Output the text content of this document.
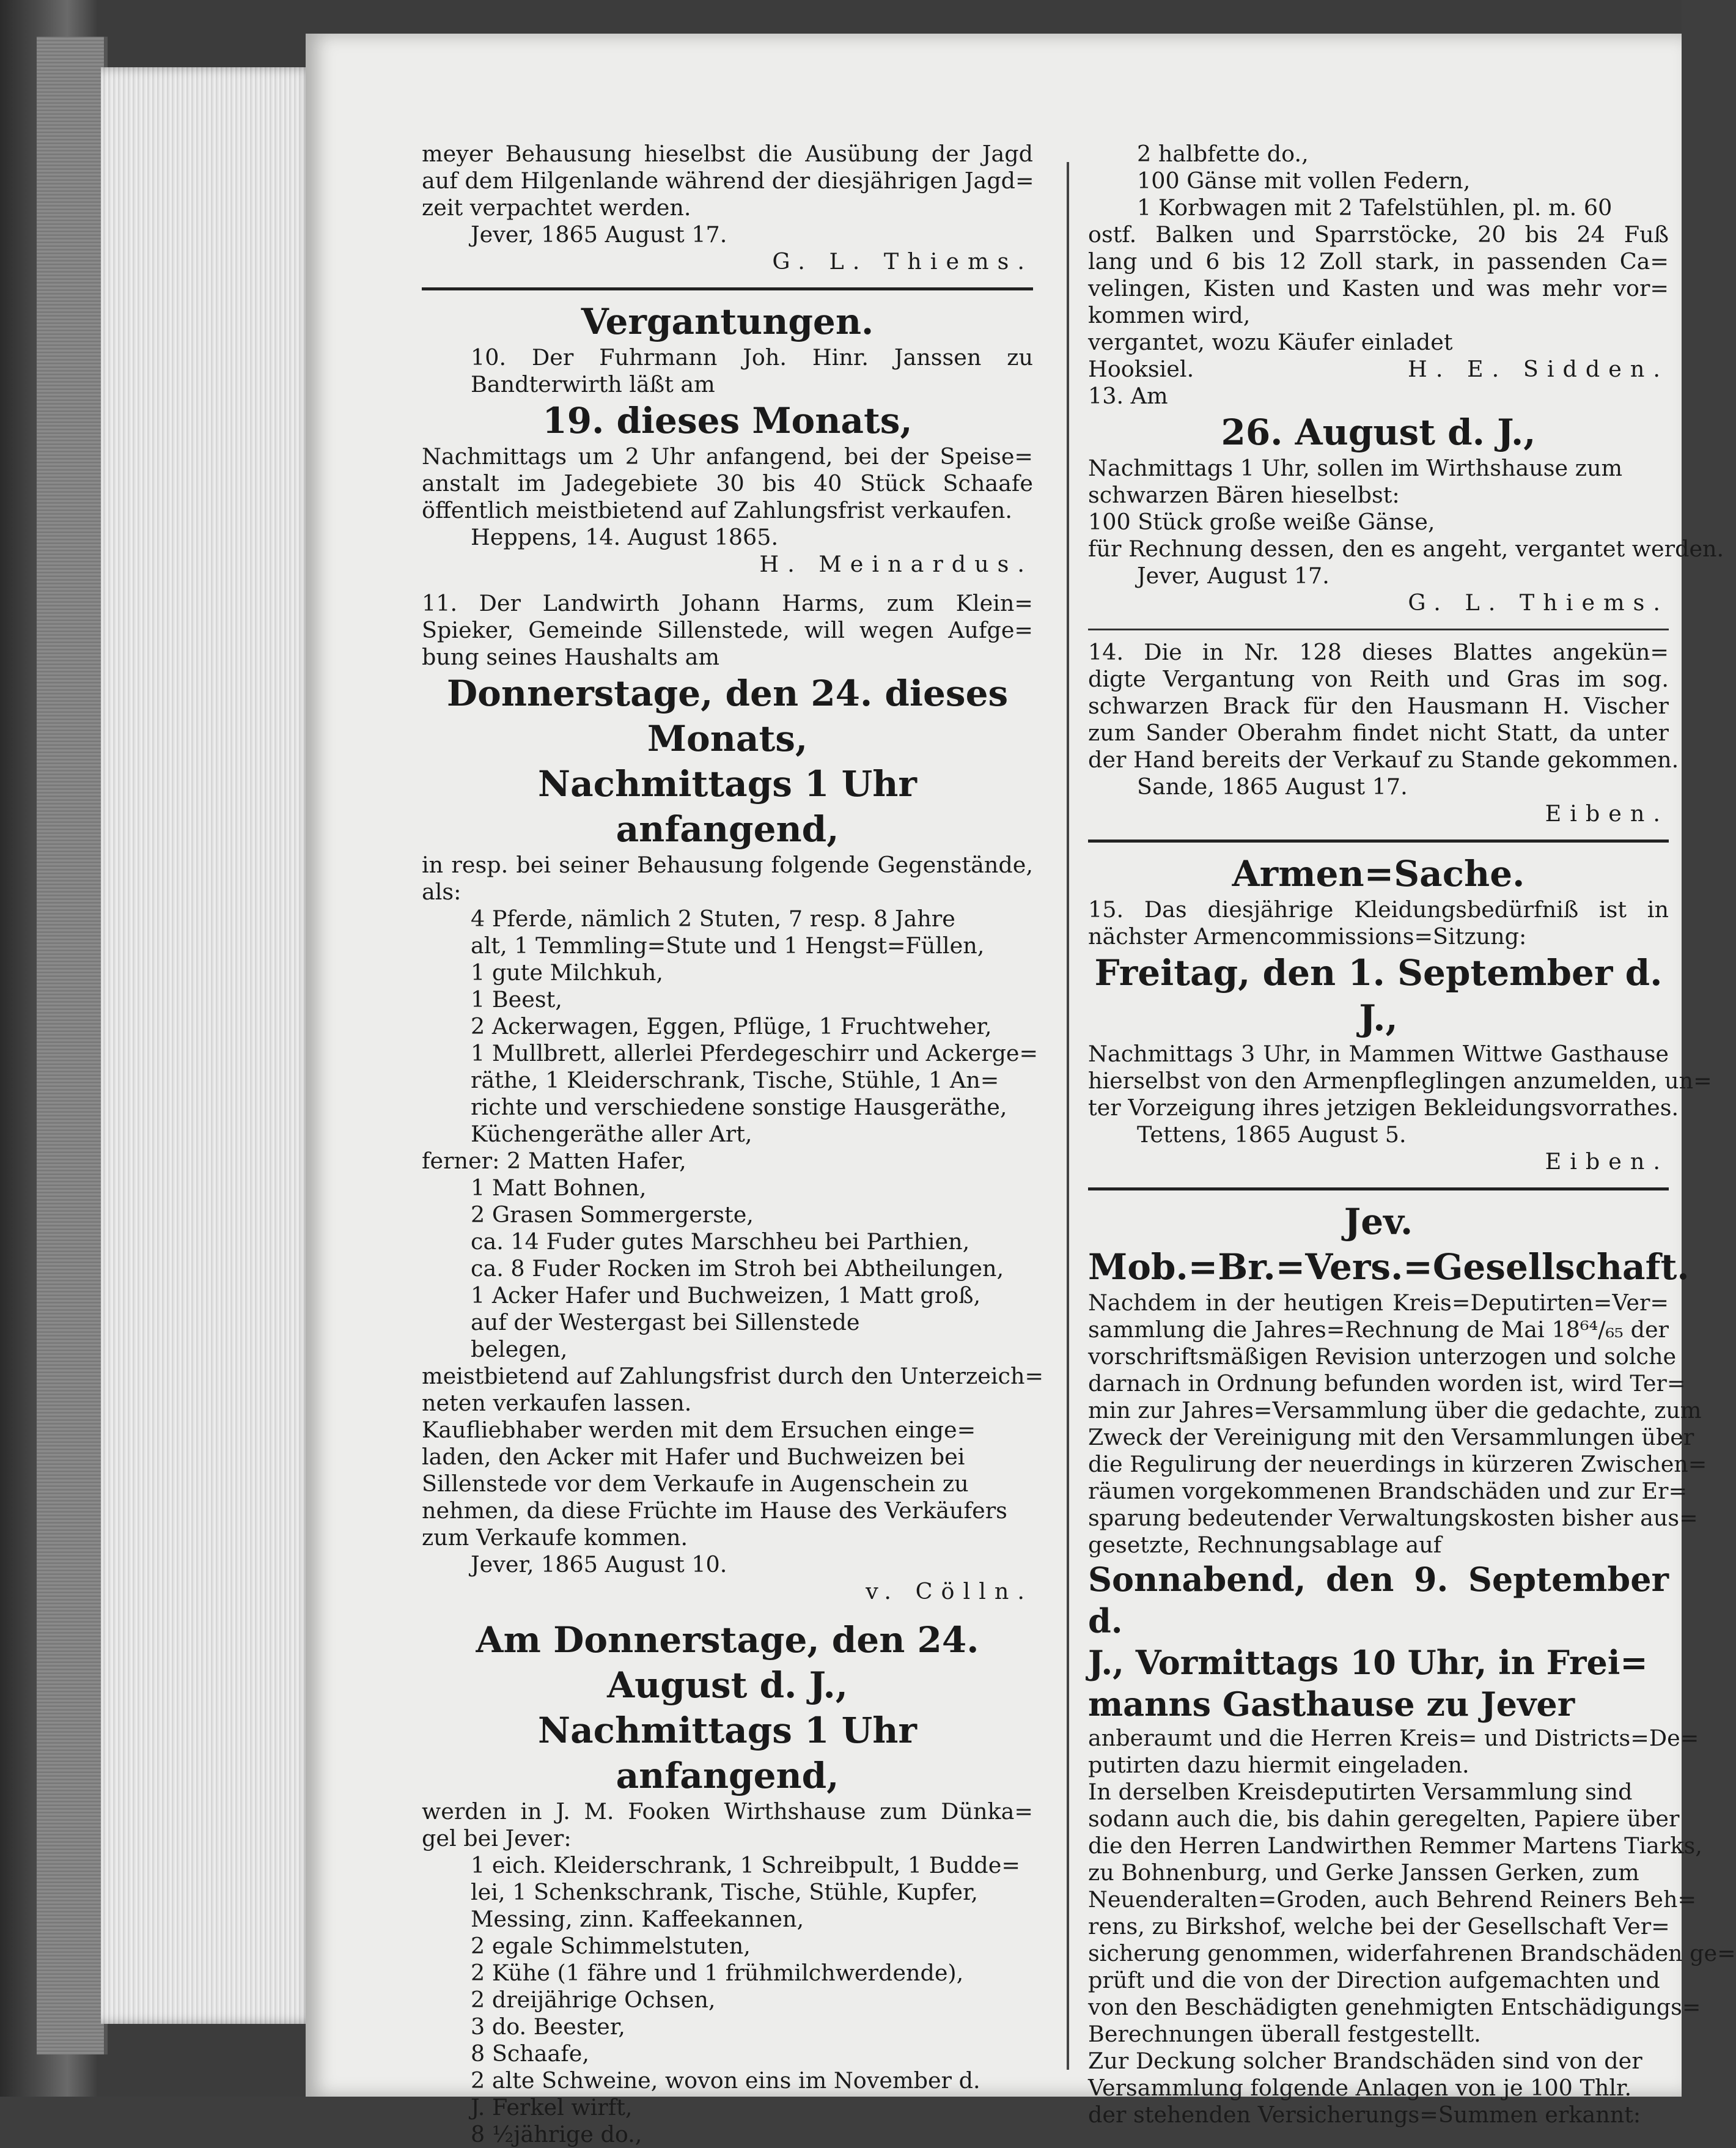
meyer Behausung hieselbst die Ausübung der Jagd
auf dem Hilgenlande während der diesjährigen Jagd=
zeit verpachtet werden.
Jever, 1865 August 17.
G. L. Thiems.
Vergantungen.
10. Der Fuhrmann Joh. Hinr. Janssen zu
Bandterwirth läßt am
19. dieses Monats,
Nachmittags um 2 Uhr anfangend, bei der Speise=
anstalt im Jadegebiete 30 bis 40 Stück Schaafe
öffentlich meistbietend auf Zahlungsfrist verkaufen.
Heppens, 14. August 1865.
H. Meinardus.
11. Der Landwirth Johann Harms, zum Klein=
Spieker, Gemeinde Sillenstede, will wegen Aufge=
bung seines Haushalts am
Donnerstage, den 24. dieses Monats,
Nachmittags 1 Uhr anfangend,
in resp. bei seiner Behausung folgende Gegenstände,
als:
4 Pferde, nämlich 2 Stuten, 7 resp. 8 Jahre
alt, 1 Temmling=Stute und 1 Hengst=Füllen,
1 gute Milchkuh,
1 Beest,
2 Ackerwagen, Eggen, Pflüge, 1 Fruchtweher,
1 Mullbrett, allerlei Pferdegeschirr und Ackerge=
räthe, 1 Kleiderschrank, Tische, Stühle, 1 An=
richte und verschiedene sonstige Hausgeräthe,
Küchengeräthe aller Art,
ferner: 2 Matten Hafer,
1 Matt Bohnen,
2 Grasen Sommergerste,
ca. 14 Fuder gutes Marschheu bei Parthien,
ca. 8 Fuder Rocken im Stroh bei Abtheilungen,
1 Acker Hafer und Buchweizen, 1 Matt groß,
auf der Westergast bei Sillenstede
belegen,
meistbietend auf Zahlungsfrist durch den Unterzeich=
neten verkaufen lassen.
Kaufliebhaber werden mit dem Ersuchen einge=
laden, den Acker mit Hafer und Buchweizen bei
Sillenstede vor dem Verkaufe in Augenschein zu
nehmen, da diese Früchte im Hause des Verkäufers
zum Verkaufe kommen.
Jever, 1865 August 10.
v. Cölln.
Am Donnerstage, den 24. August d. J.,
Nachmittags 1 Uhr anfangend,
werden in J. M. Fooken Wirthshause zum Dünka=
gel bei Jever:
1 eich. Kleiderschrank, 1 Schreibpult, 1 Budde=
lei, 1 Schenkschrank, Tische, Stühle, Kupfer,
Messing, zinn. Kaffeekannen,
2 egale Schimmelstuten,
2 Kühe (1 fähre und 1 frühmilchwerdende),
2 dreijährige Ochsen,
3 do. Beester,
8 Schaafe,
2 alte Schweine, wovon eins im November d.
J. Ferkel wirft,
8 ½jährige do.,
2 halbfette do.,
100 Gänse mit vollen Federn,
1 Korbwagen mit 2 Tafelstühlen, pl. m. 60
ostf. Balken und Sparrstöcke, 20 bis 24 Fuß
lang und 6 bis 12 Zoll stark, in passenden Ca=
velingen, Kisten und Kasten und was mehr vor=
kommen wird,
vergantet, wozu Käufer einladet
Hooksiel.	H. E. Sidden.
13. Am
26. August d. J.,
Nachmittags 1 Uhr, sollen im Wirthshause zum
schwarzen Bären hieselbst:
100 Stück große weiße Gänse,
für Rechnung dessen, den es angeht, vergantet werden.
Jever, August 17.
G. L. Thiems.
14. Die in Nr. 128 dieses Blattes angekün=
digte Vergantung von Reith und Gras im sog.
schwarzen Brack für den Hausmann H. Vischer
zum Sander Oberahm findet nicht Statt, da unter
der Hand bereits der Verkauf zu Stande gekommen.
Sande, 1865 August 17.
Eiben.
Armen=Sache.
15. Das diesjährige Kleidungsbedürfniß ist in
nächster Armencommissions=Sitzung:
Freitag, den 1. September d. J.,
Nachmittags 3 Uhr, in Mammen Wittwe Gasthause
hierselbst von den Armenpfleglingen anzumelden, un=
ter Vorzeigung ihres jetzigen Bekleidungsvorrathes.
Tettens, 1865 August 5.
Eiben.
Jev. Mob.=Br.=Vers.=Gesellschaft.
Nachdem in der heutigen Kreis=Deputirten=Ver=
sammlung die Jahres=Rechnung de Mai 18⁶⁴/₆₅ der
vorschriftsmäßigen Revision unterzogen und solche
darnach in Ordnung befunden worden ist, wird Ter=
min zur Jahres=Versammlung über die gedachte, zum
Zweck der Vereinigung mit den Versammlungen über
die Regulirung der neuerdings in kürzeren Zwischen=
räumen vorgekommenen Brandschäden und zur Er=
sparung bedeutender Verwaltungskosten bisher aus=
gesetzte, Rechnungsablage auf
Sonnabend, den 9. September d.
J., Vormittags 10 Uhr, in Frei=
manns Gasthause zu Jever
anberaumt und die Herren Kreis= und Districts=De=
putirten dazu hiermit eingeladen.
In derselben Kreisdeputirten Versammlung sind
sodann auch die, bis dahin geregelten, Papiere über
die den Herren Landwirthen Remmer Martens Tiarks,
zu Bohnenburg, und Gerke Janssen Gerken, zum
Neuenderalten=Groden, auch Behrend Reiners Beh=
rens, zu Birkshof, welche bei der Gesellschaft Ver=
sicherung genommen, widerfahrenen Brandschäden ge=
prüft und die von der Direction aufgemachten und
von den Beschädigten genehmigten Entschädigungs=
Berechnungen überall festgestellt.
Zur Deckung solcher Brandschäden sind von der
Versammlung folgende Anlagen von je 100 Thlr.
der stehenden Versicherungs=Summen erkannt:
